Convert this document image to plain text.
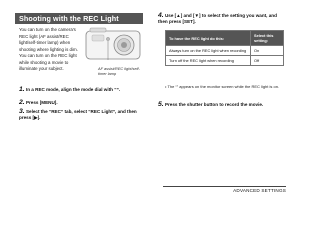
Shooting with the REC Light
You can turn on the camera's REC light (AF assist/REC light/self-timer lamp) when shooting where lighting is dim. You can turn on the REC light while shooting a movie to illuminate your subject.	AF assist/REC light/self-timer lamp
1. In a REC mode, align the mode dial with “”.
2. Press [MENU].
3. Select the “REC” tab, select “REC Light”, and then press [▶].
4. Use [▲] and [▼] to select the setting you want, and then press [SET].
To have the REC light do this:	Select this setting:
Always turn on the REC light when recording	On
Turn off the REC light when recording	Off
• The “” appears on the monitor screen while the REC light is on.
5. Press the shutter button to record the movie.
ADVANCED SETTINGS
